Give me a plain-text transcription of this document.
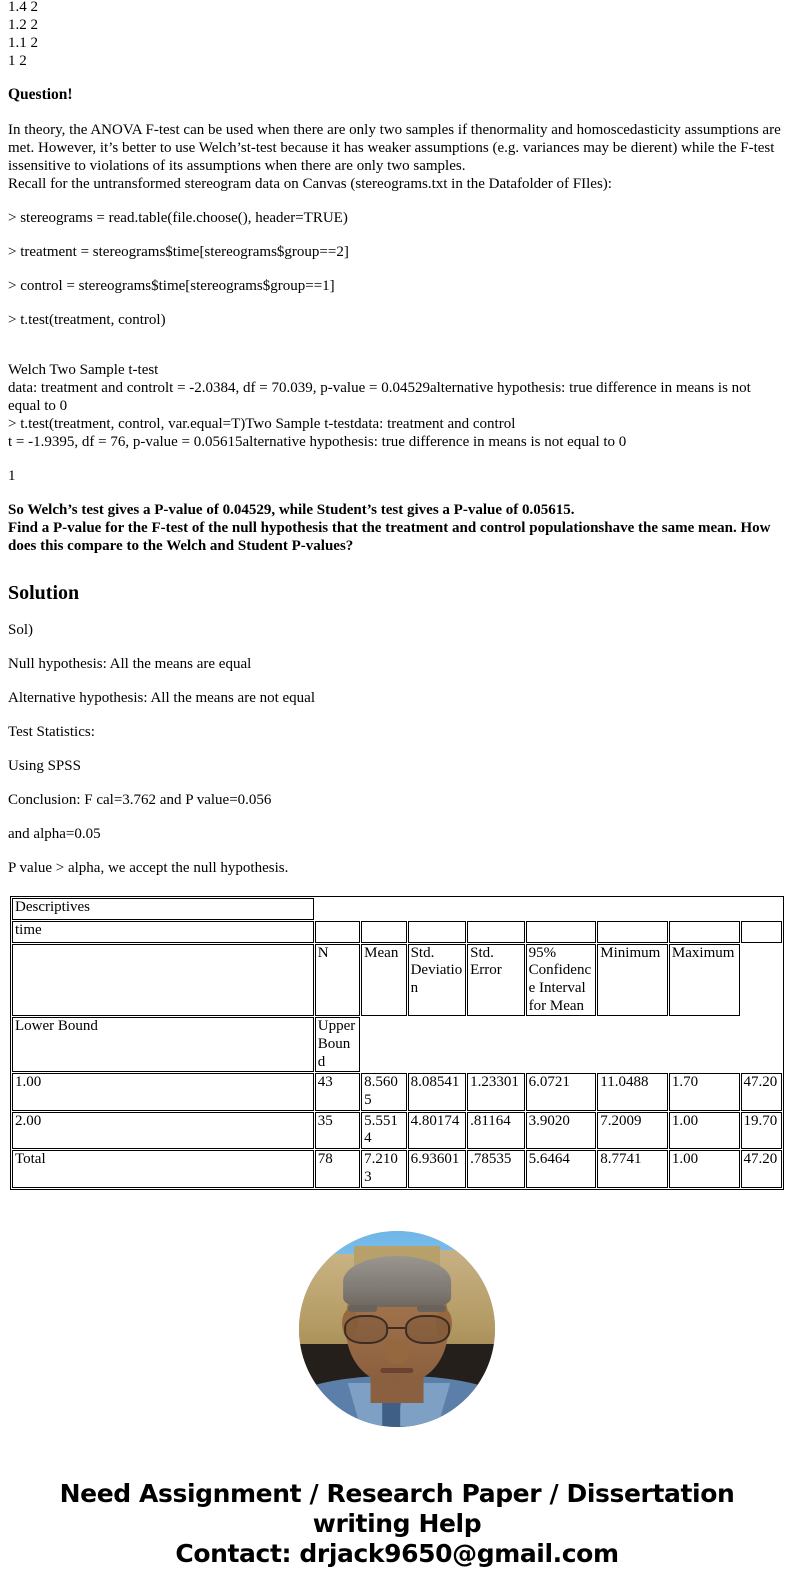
1.4 2
1.2 2
1.1 2
1 2
Question!

In theory, the ANOVA F-test can be used when there are only two samples if thenormality and homoscedasticity assumptions are met. However, it’s better to use Welch’st-test because it has weaker assumptions (e.g. variances may be dierent) while the F-test issensitive to violations of its assumptions when there are only two samples.

Recall for the untransformed stereogram data on Canvas (stereograms.txt in the Datafolder of FIles):

> stereograms = read.table(file.choose(), header=TRUE)

> treatment = stereograms$time[stereograms$group==2]

> control = stereograms$time[stereograms$group==1]

> t.test(treatment, control)

Welch Two Sample t-test

data: treatment and controlt = -2.0384, df = 70.039, p-value = 0.04529alternative hypothesis: true difference in means is not equal to 0

> t.test(treatment, control, var.equal=T)Two Sample t-testdata: treatment and control

t = -1.9395, df = 76, p-value = 0.05615alternative hypothesis: true difference in means is not equal to 0

1

So Welch’s test gives a P-value of 0.04529, while Student’s test gives a P-value of 0.05615.

Find a P-value for the F-test of the null hypothesis that the treatment and control populationshave the same mean. How does this compare to the Welch and Student P-values?

Solution

Sol)

Null hypothesis: All the means are equal

Alternative hypothesis: All the means are not equal

Test Statistics:

Using SPSS

Conclusion: F cal=3.762 and P value=0.056

and alpha=0.05

P value > alpha, we accept the null hypothesis.

Descriptives								
time								
	N	Mean	Std. Deviation	Std. Error	95% Confidence Interval for Mean	Minimum	Maximum	
Lower Bound	Upper Bound							
1.00	43	8.5605	8.08541	1.23301	6.0721	11.0488	1.70	47.20
2.00	35	5.5514	4.80174	.81164	3.9020	7.2009	1.00	19.70
Total	78	7.2103	6.93601	.78535	5.6464	8.7741	1.00	47.20
Need Assignment / Research Paper / Dissertation writing Help
Contact: drjack9650@gmail.com
